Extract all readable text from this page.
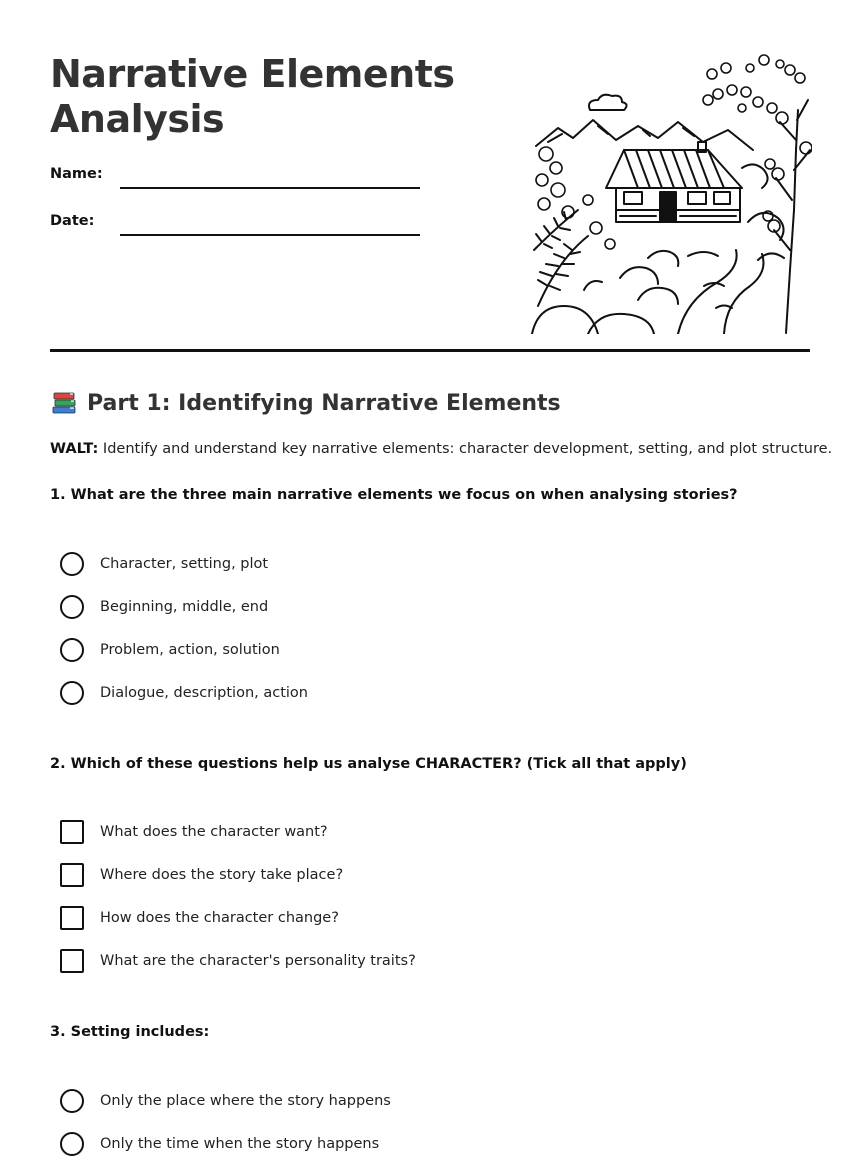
Narrative Elements Analysis
Name:
Date:
Part 1: Identifying Narrative Elements
WALT: Identify and understand key narrative elements: character development, setting, and plot structure.
1. What are the three main narrative elements we focus on when analysing stories?
Character, setting, plot
Beginning, middle, end
Problem, action, solution
Dialogue, description, action
2. Which of these questions help us analyse CHARACTER? (Tick all that apply)
What does the character want?
Where does the story take place?
How does the character change?
What are the character's personality traits?
3. Setting includes:
Only the place where the story happens
Only the time when the story happens
